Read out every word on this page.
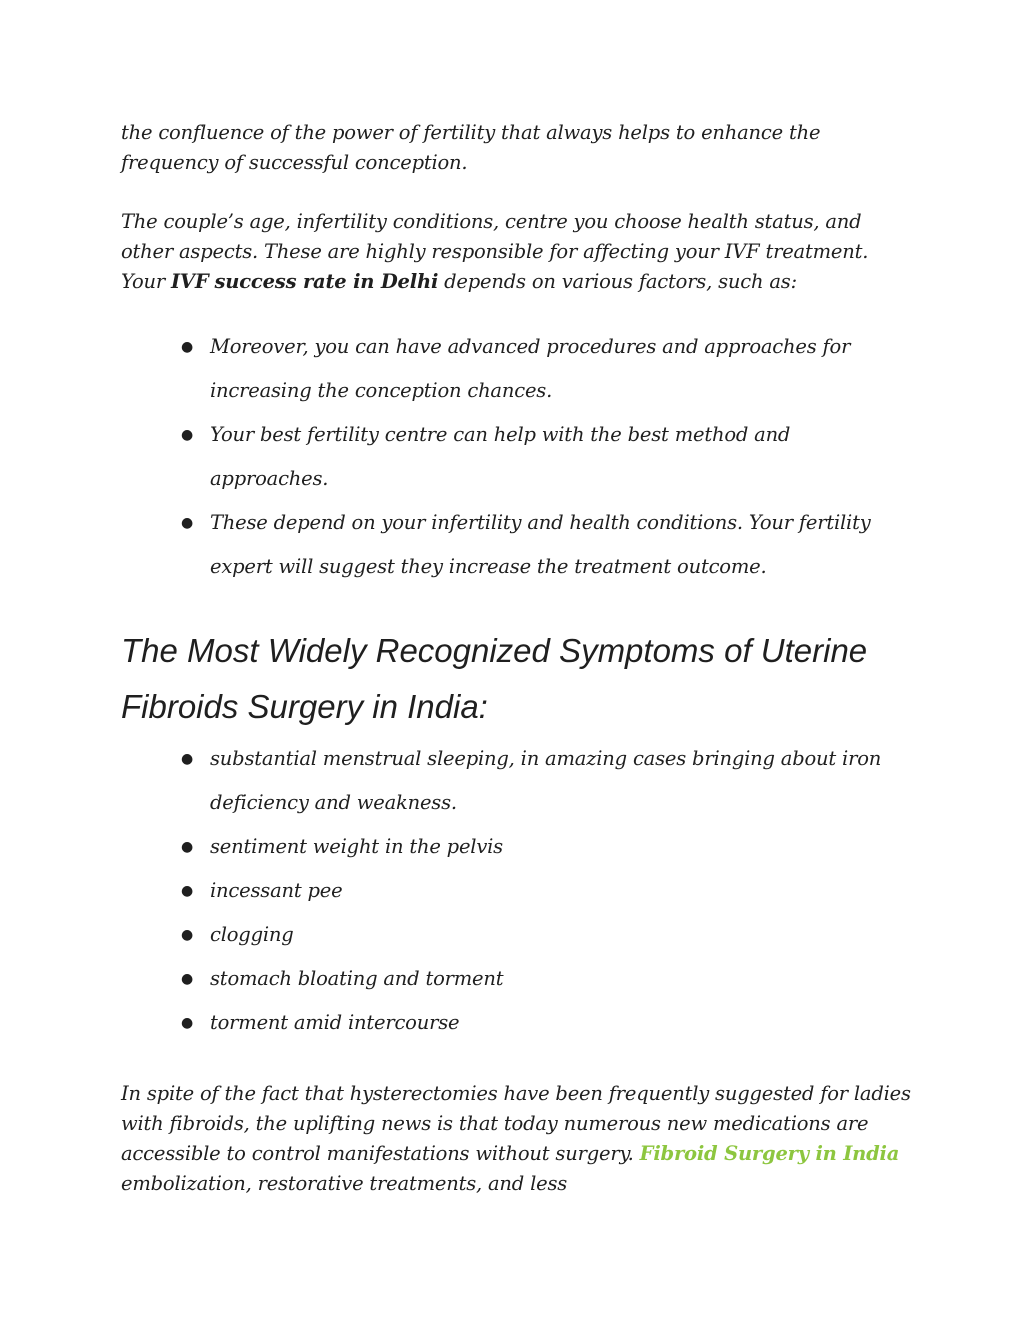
the confluence of the power of fertility that always helps to enhance the frequency of successful conception.

The couple’s age, infertility conditions, centre you choose health status, and other aspects. These are highly responsible for affecting your IVF treatment. Your IVF success rate in Delhi depends on various factors, such as:

● Moreover, you can have advanced procedures and approaches for increasing the conception chances.
● Your best fertility centre can help with the best method and approaches.
● These depend on your infertility and health conditions. Your fertility expert will suggest they increase the treatment outcome.
The Most Widely Recognized Symptoms of Uterine Fibroids Surgery in India:
● substantial menstrual sleeping, in amazing cases bringing about iron deficiency and weakness.
● sentiment weight in the pelvis
● incessant pee
● clogging
● stomach bloating and torment
● torment amid intercourse

In spite of the fact that hysterectomies have been frequently suggested for ladies with fibroids, the uplifting news is that today numerous new medications are accessible to control manifestations without surgery. Fibroid Surgery in India embolization, restorative treatments, and less
